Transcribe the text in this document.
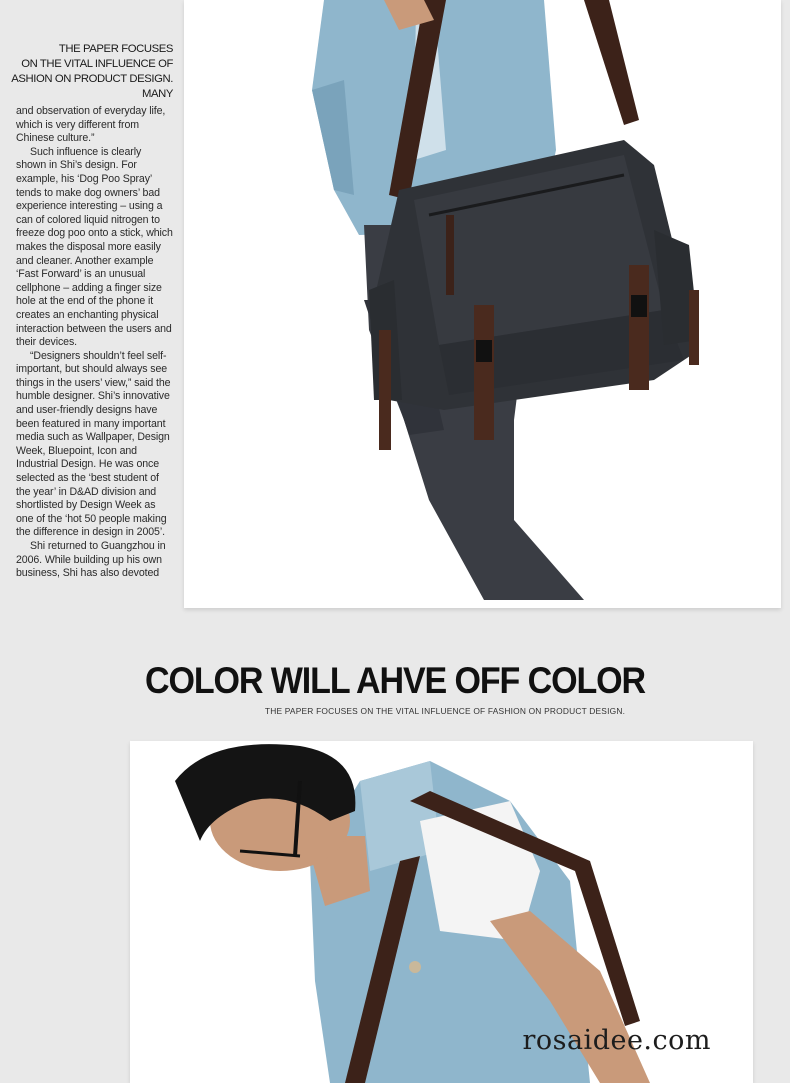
THE PAPER FOCUSES
ON THE VITAL INFLUENCE OF
ASHION ON PRODUCT DESIGN. MANY

and observation of everyday life, which is very different from Chinese culture.”

Such influence is clearly shown in Shi’s design. For example, his ‘Dog Poo Spray’ tends to make dog owners’ bad experience interesting – using a can of colored liquid nitrogen to freeze dog poo onto a stick, which makes the disposal more easily and cleaner. Another example ‘Fast Forward’ is an unusual cellphone – adding a finger size hole at the end of the phone it creates an enchanting physical interaction between the users and their devices.

“Designers shouldn’t feel self-important, but should always see things in the users’ view,” said the humble designer. Shi’s innovative and user-friendly designs have been featured in many important media such as Wallpaper, Design Week, Bluepoint, Icon and Industrial Design. He was once selected as the ‘best student of the year’ in D&AD division and shortlisted by Design Week as one of the ‘hot 50 people making the difference in design in 2005’.

Shi returned to Guangzhou in 2006. While building up his own business, Shi has also devoted

COLOR WILL AHVE OFF COLOR
THE PAPER FOCUSES ON THE VITAL INFLUENCE OF FASHION ON PRODUCT DESIGN.
rosaidee.com
